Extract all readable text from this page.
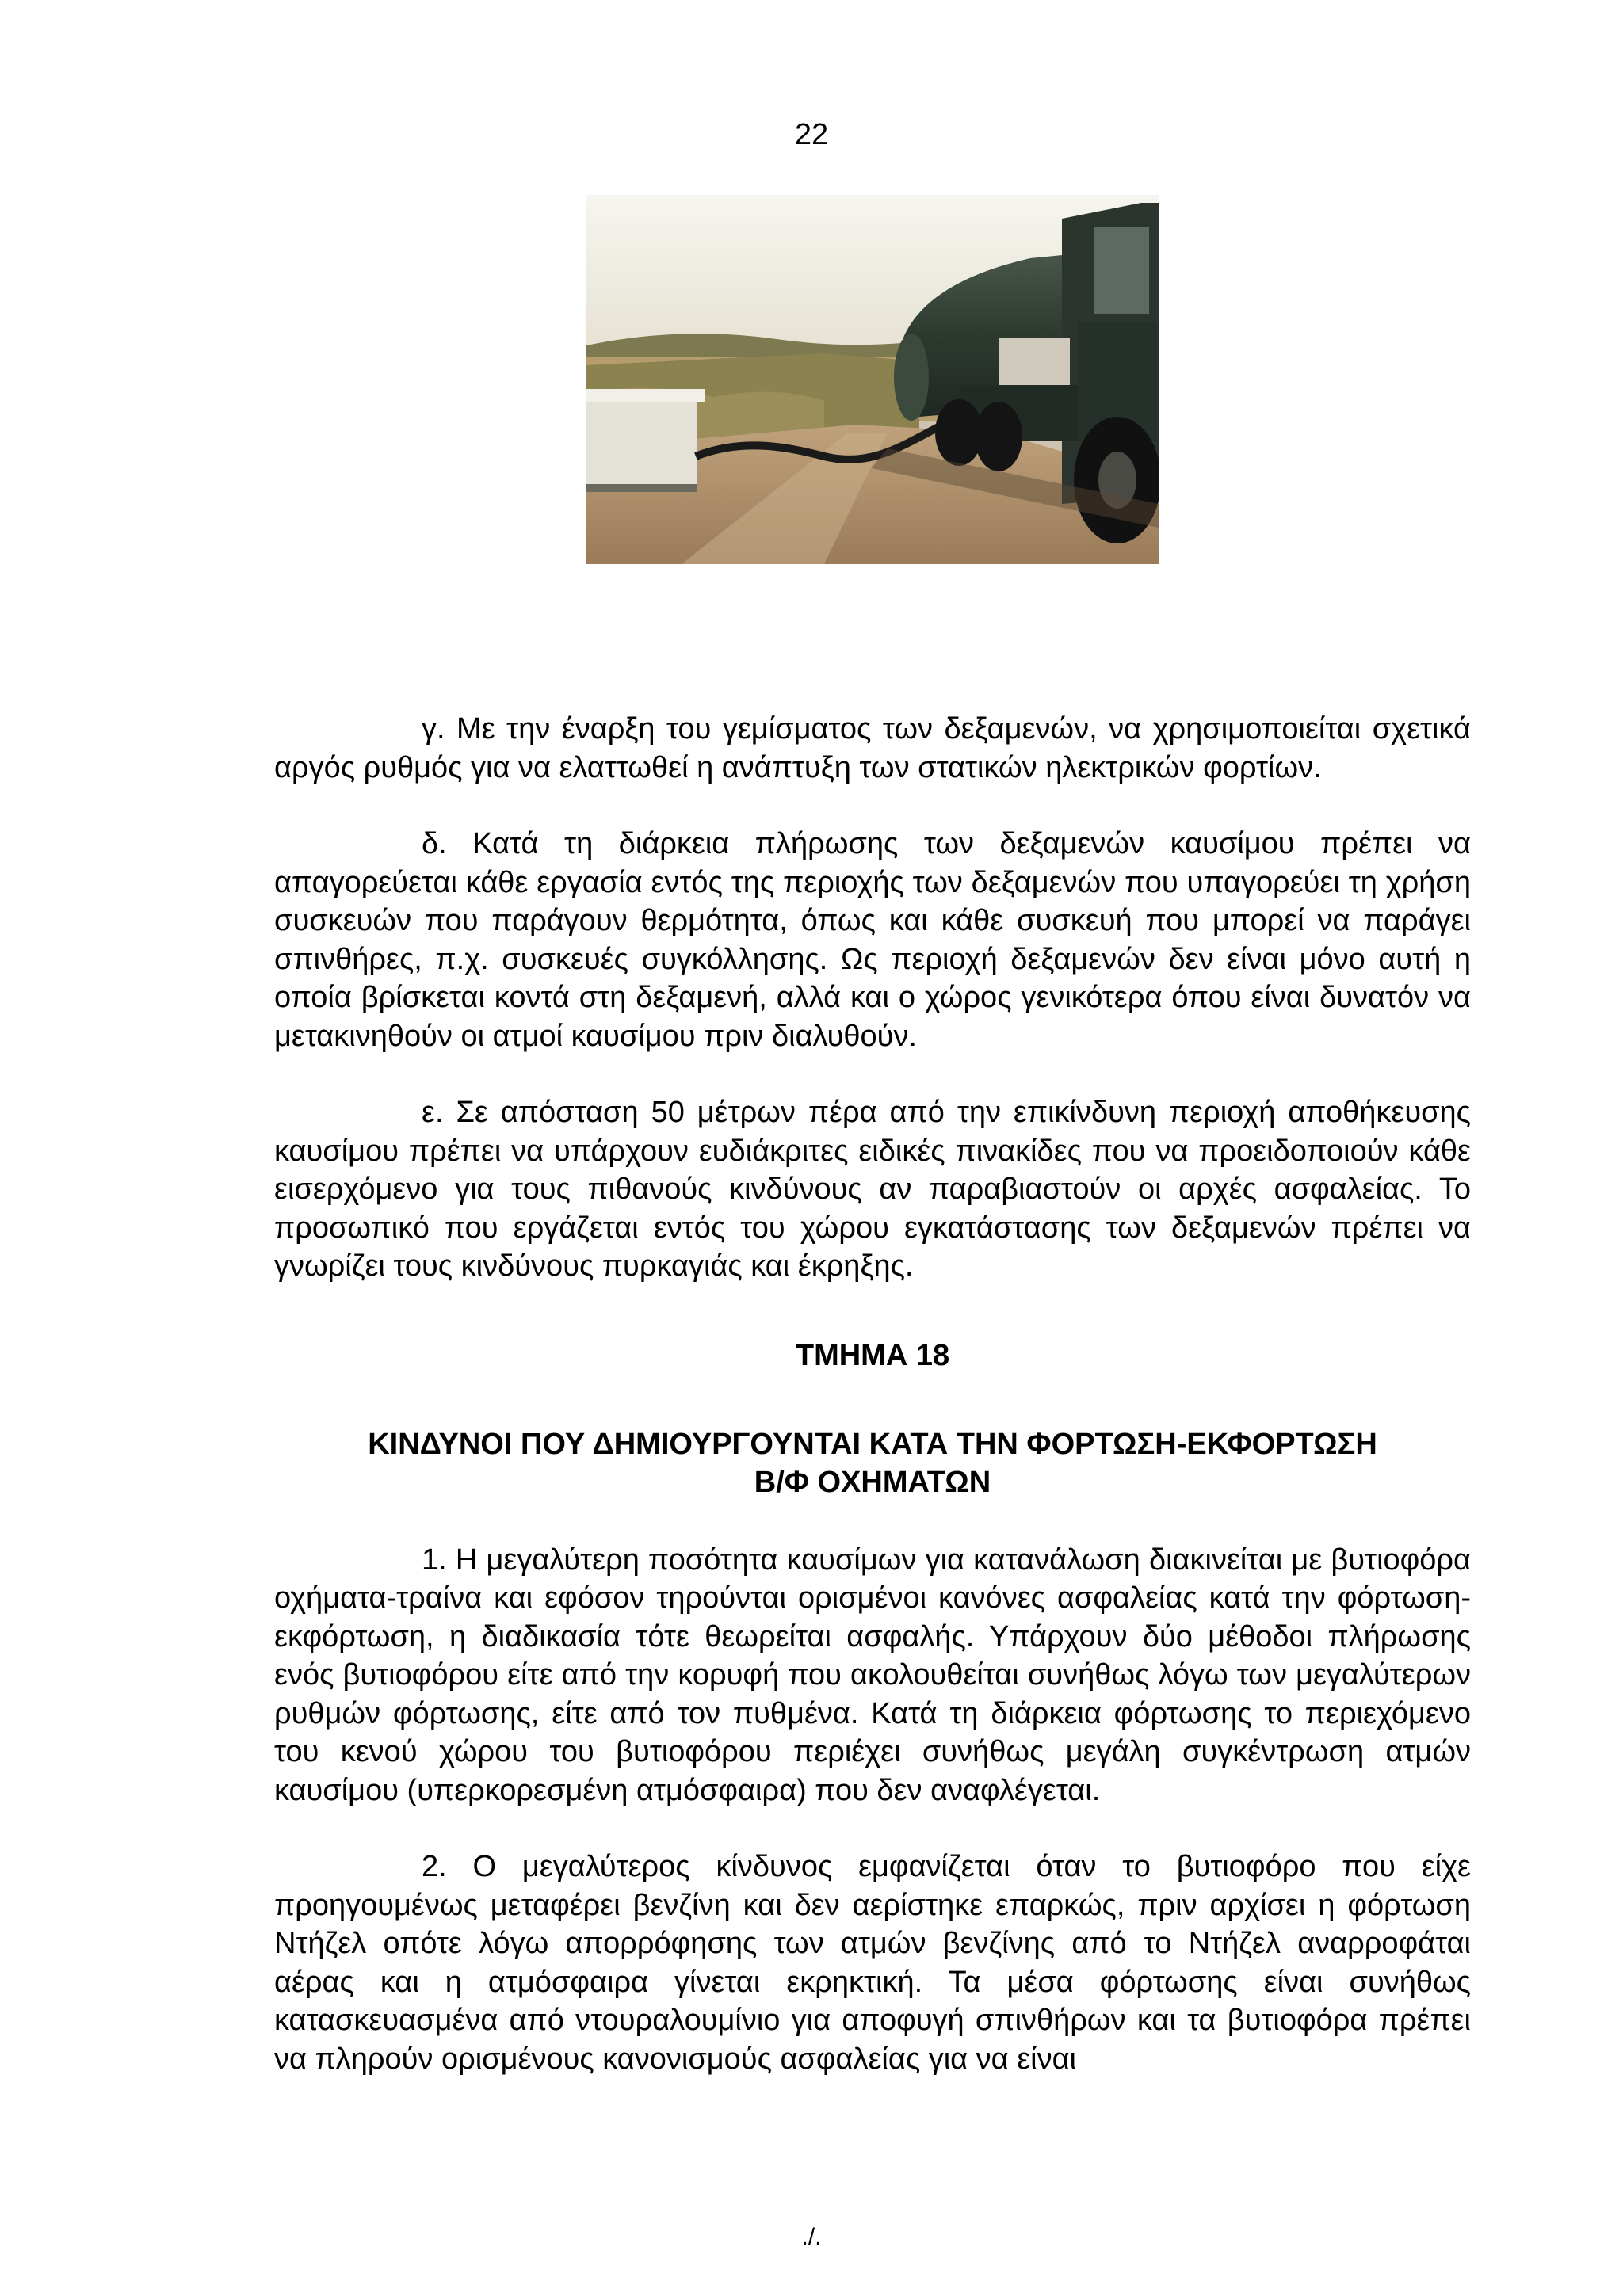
22

γ. Με την έναρξη του γεμίσματος των δεξαμενών, να χρησιμοποιείται σχετικά αργός ρυθμός για να ελαττωθεί η ανάπτυξη των στατικών ηλεκτρικών φορτίων.

δ. Κατά τη διάρκεια πλήρωσης των δεξαμενών καυσίμου πρέπει να απαγορεύεται κάθε εργασία εντός της περιοχής των δεξαμενών που υπαγορεύει τη χρήση συσκευών που παράγουν θερμότητα, όπως και κάθε συσκευή που μπορεί να παράγει σπινθήρες, π.χ. συσκευές συγκόλλησης. Ως περιοχή δεξαμενών δεν είναι μόνο αυτή η οποία βρίσκεται κοντά στη δεξαμενή, αλλά και ο χώρος γενικότερα όπου είναι δυνατόν να μετακινηθούν οι ατμοί καυσίμου πριν διαλυθούν.

ε. Σε απόσταση 50 μέτρων πέρα από την επικίνδυνη περιοχή αποθήκευσης καυσίμου πρέπει να υπάρχουν ευδιάκριτες ειδικές πινακίδες που να προειδοποιούν κάθε εισερχόμενο για τους πιθανούς κινδύνους αν παραβιαστούν οι αρχές ασφαλείας. Το προσωπικό που εργάζεται εντός του χώρου εγκατάστασης των δεξαμενών πρέπει να γνωρίζει τους κινδύνους πυρκαγιάς και έκρηξης.

ΤΜΗΜΑ 18

ΚΙΝΔΥΝΟΙ ΠΟΥ ΔΗΜΙΟΥΡΓΟΥΝΤΑΙ ΚΑΤΑ ΤΗΝ ΦΟΡΤΩΣΗ-ΕΚΦΟΡΤΩΣΗ

Β/Φ ΟΧΗΜΑΤΩΝ

1. Η μεγαλύτερη ποσότητα καυσίμων για κατανάλωση διακινείται με βυτιοφόρα οχήματα-τραίνα και εφόσον τηρούνται ορισμένοι κανόνες ασφαλείας κατά την φόρτωση-εκφόρτωση, η διαδικασία τότε θεωρείται ασφαλής. Υπάρχουν δύο μέθοδοι πλήρωσης ενός βυτιοφόρου είτε από την κορυφή που ακολουθείται συνήθως λόγω των μεγαλύτερων ρυθμών φόρτωσης, είτε από τον πυθμένα. Κατά τη διάρκεια φόρτωσης το περιεχόμενο του κενού χώρου του βυτιοφόρου περιέχει συνήθως μεγάλη συγκέντρωση ατμών καυσίμου (υπερκορεσμένη ατμόσφαιρα) που δεν αναφλέγεται.

2. Ο μεγαλύτερος κίνδυνος εμφανίζεται όταν το βυτιοφόρο που είχε προηγουμένως μεταφέρει βενζίνη και δεν αερίστηκε επαρκώς, πριν αρχίσει η φόρτωση Ντήζελ οπότε λόγω απορρόφησης των ατμών βενζίνης από το Ντήζελ αναρροφάται αέρας και η ατμόσφαιρα γίνεται εκρηκτική. Τα μέσα φόρτωσης είναι συνήθως κατασκευασμένα από ντουραλουμίνιο για αποφυγή σπινθήρων και τα βυτιοφόρα πρέπει να πληρούν ορισμένους κανονισμούς ασφαλείας για να είναι

./.
